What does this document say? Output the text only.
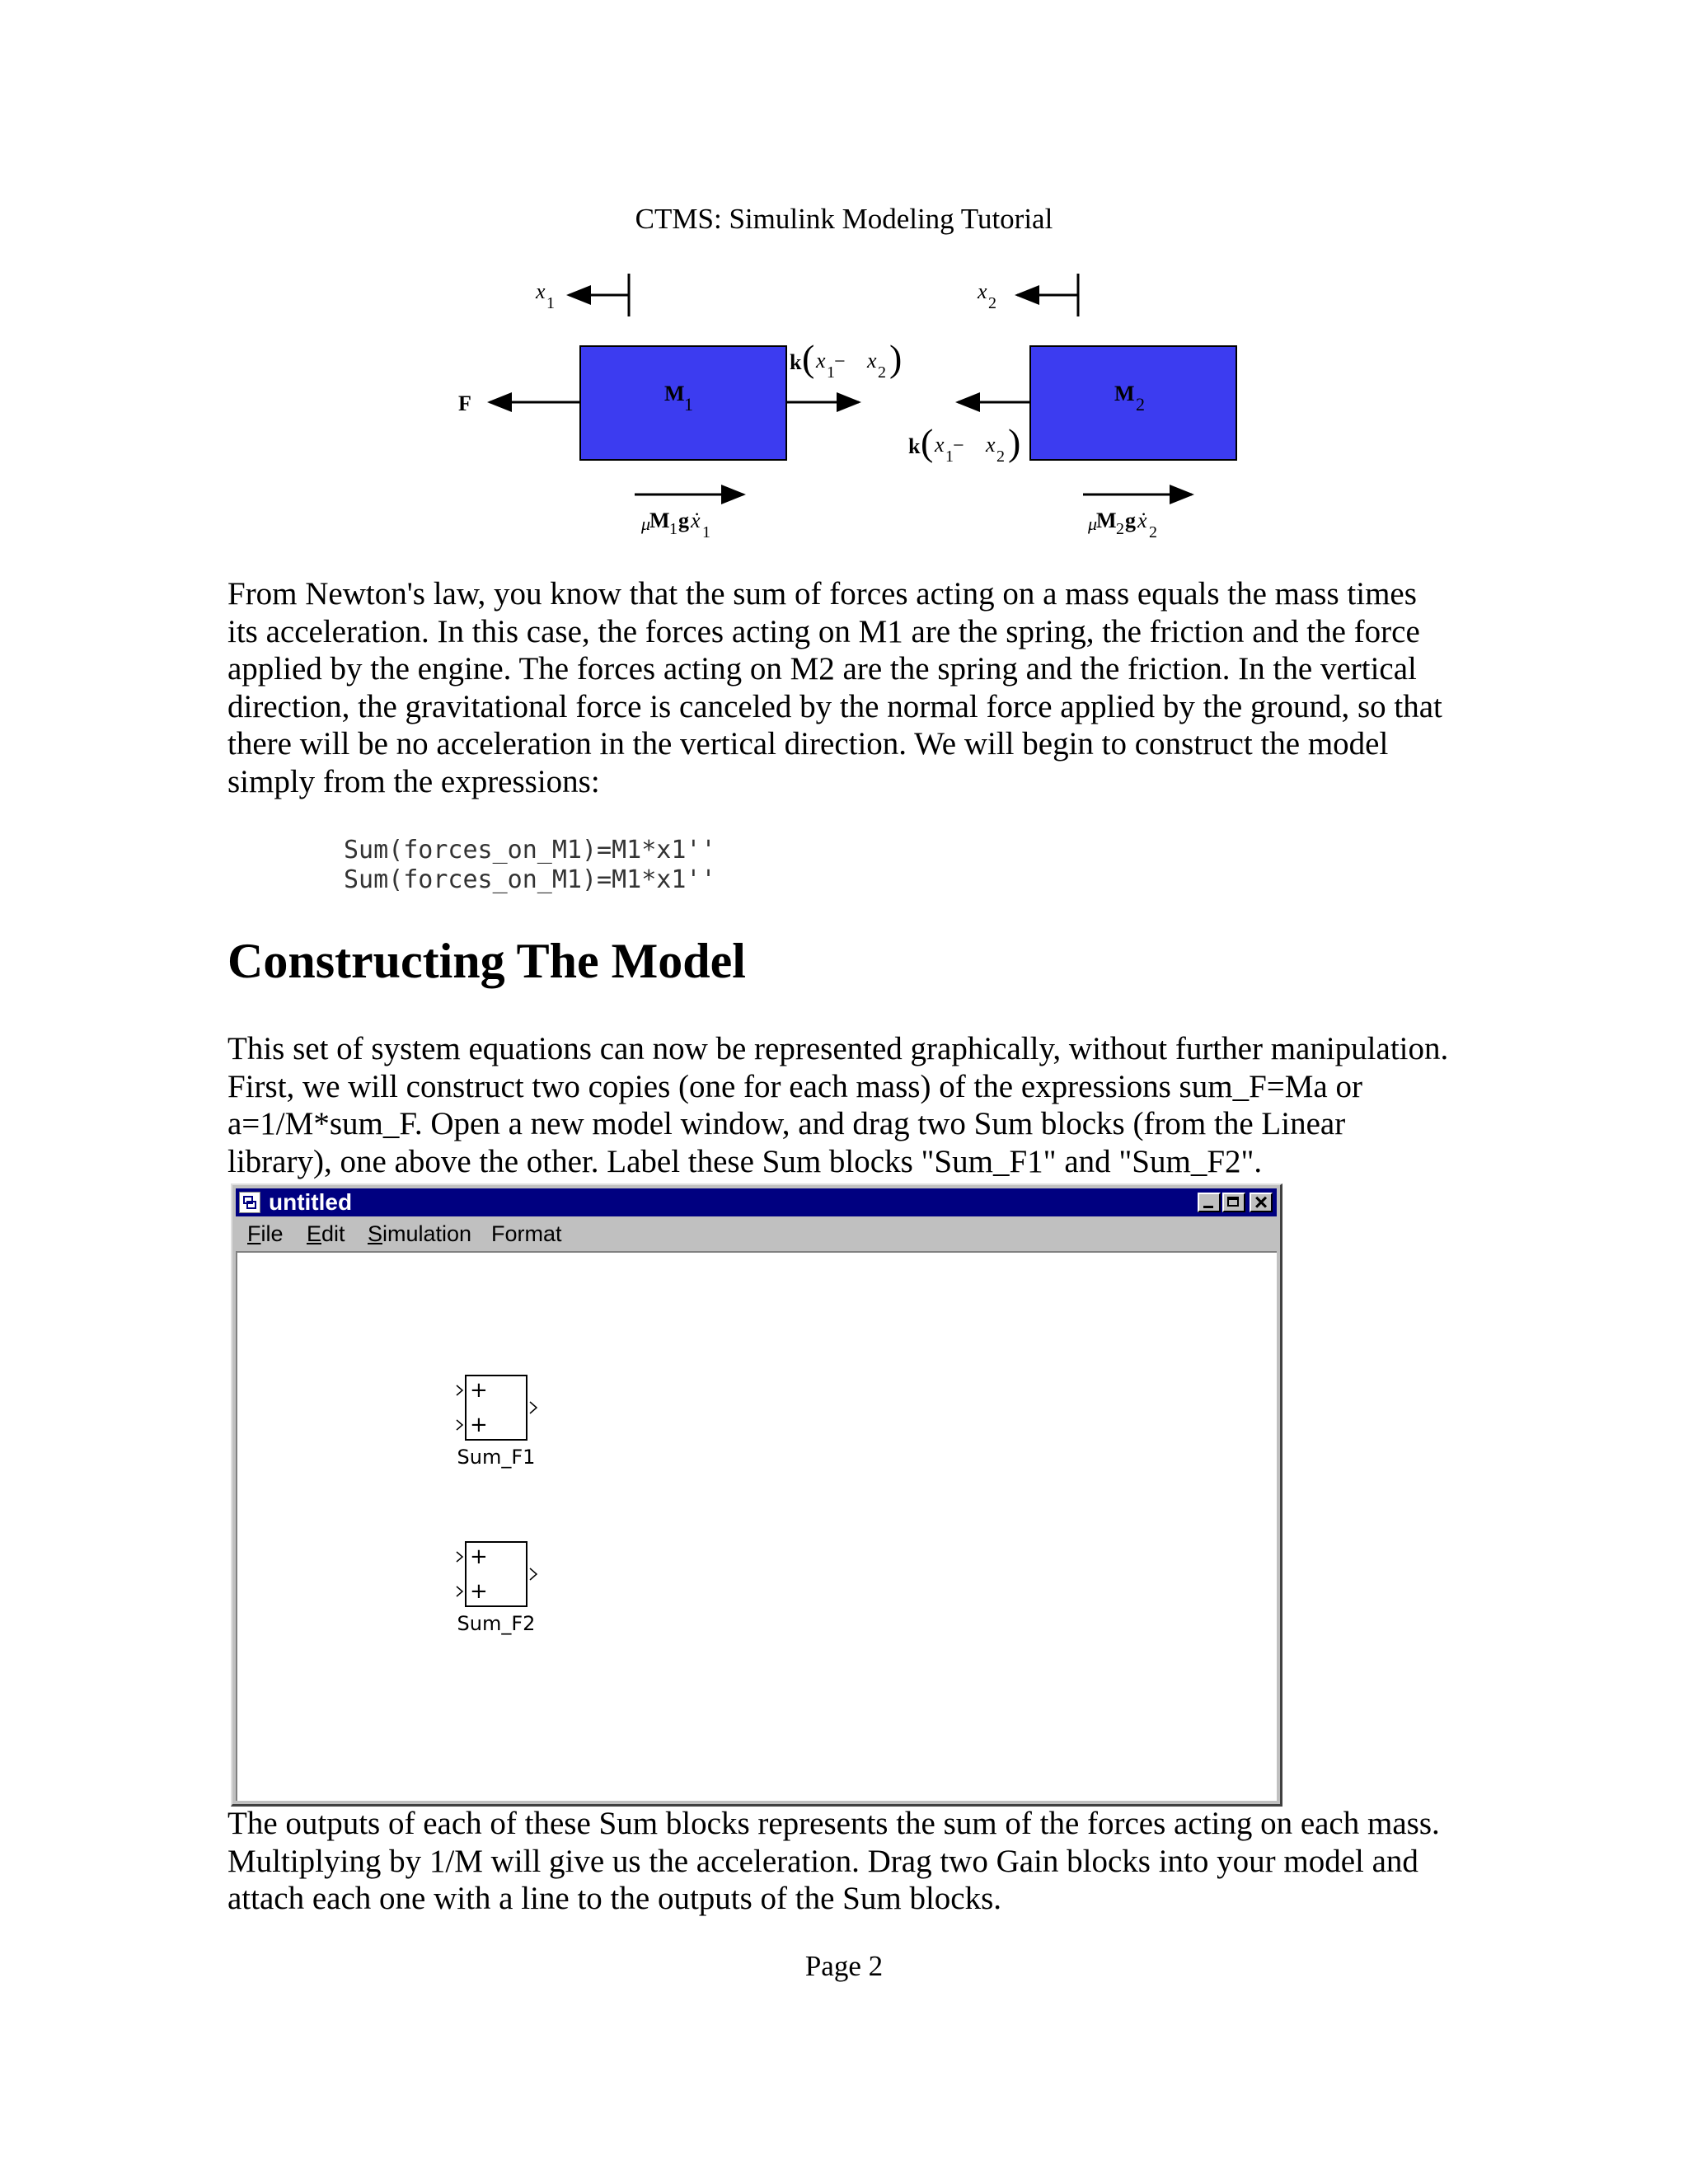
CTMS: Simulink Modeling Tutorial
x 1	x 2
M 1	M 2
F
k ( x 1 − x 2 )
k ( x 1 − x 2 )
μ
M 1 g ẋ 1	μ
M 2 g ẋ 2
From Newton's law, you know that the sum of forces acting on a mass equals the mass times
its acceleration. In this case, the forces acting on M1 are the spring, the friction and the force
applied by the engine. The forces acting on M2 are the spring and the friction. In the vertical
direction, the gravitational force is canceled by the normal force applied by the ground, so that
there will be no acceleration in the vertical direction. We will begin to construct the model
simply from the expressions:
Sum(forces_on_M1)=M1*x1''
Sum(forces_on_M1)=M1*x1''
Constructing The Model
This set of system equations can now be represented graphically, without further manipulation.
First, we will construct two copies (one for each mass) of the expressions sum_F=Ma or
a=1/M*sum_F. Open a new model window, and drag two Sum blocks (from the Linear
library), one above the other. Label these Sum blocks "Sum_F1" and "Sum_F2".
untitled
×
File Edit Simulation Format
+
+
Sum_F1
+
+
Sum_F2
The outputs of each of these Sum blocks represents the sum of the forces acting on each mass.
Multiplying by 1/M will give us the acceleration. Drag two Gain blocks into your model and
attach each one with a line to the outputs of the Sum blocks.
Page 2
